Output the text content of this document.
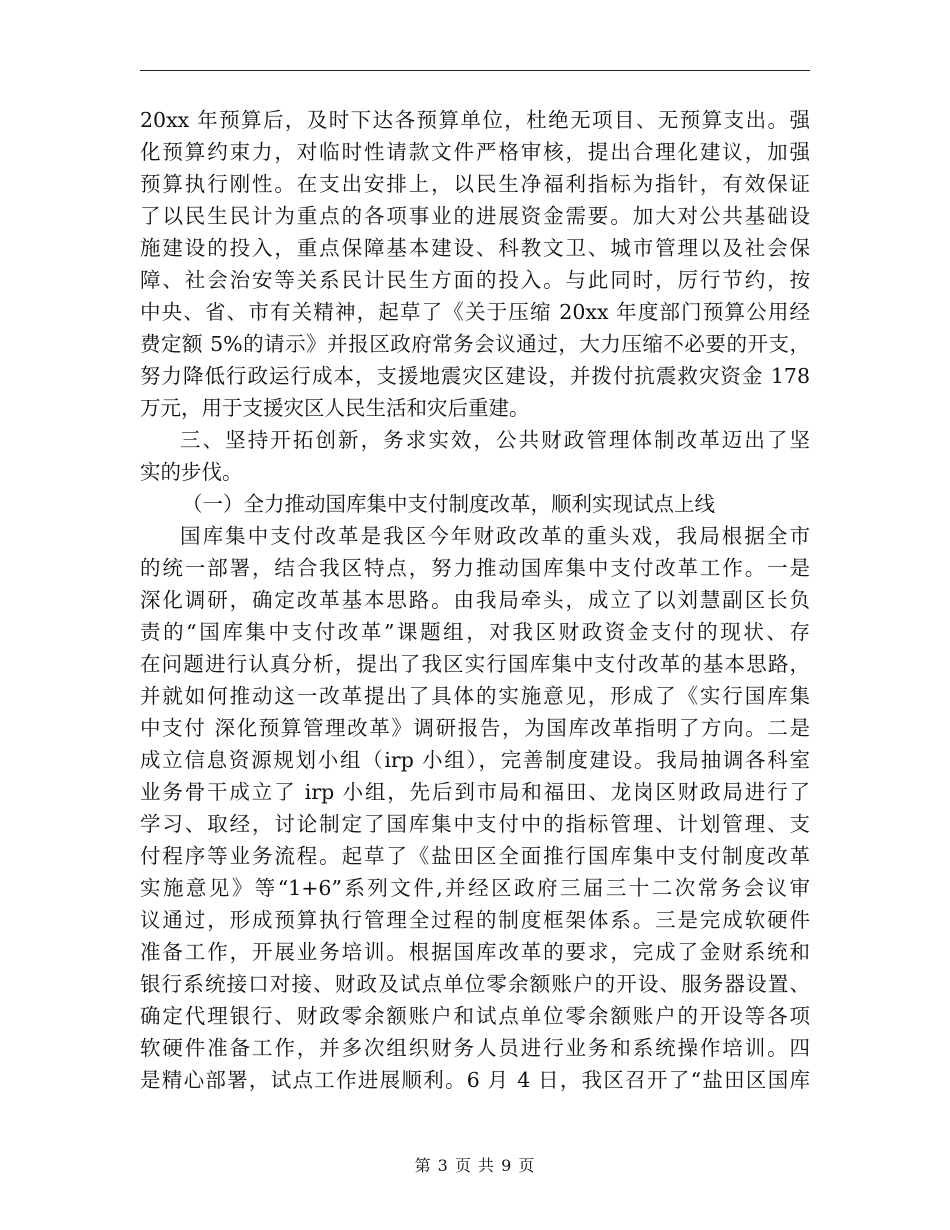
20xx 年预算后，及时下达各预算单位，杜绝无项目、无预算支出。强
化预算约束力，对临时性请款文件严格审核，提出合理化建议，加强
预算执行刚性。在支出安排上，以民生净福利指标为指针，有效保证
了以民生民计为重点的各项事业的进展资金需要。加大对公共基础设
施建设的投入，重点保障基本建设、科教文卫、城市管理以及社会保
障、社会治安等关系民计民生方面的投入。与此同时，厉行节约，按
中央、省、市有关精神，起草了《关于压缩 20xx 年度部门预算公用经
费定额 5%的请示》并报区政府常务会议通过，大力压缩不必要的开支，
努力降低行政运行成本，支援地震灾区建设，并拨付抗震救灾资金 178
万元，用于支援灾区人民生活和灾后重建。
三、坚持开拓创新，务求实效，公共财政管理体制改革迈出了坚
实的步伐。
（一）全力推动国库集中支付制度改革，顺利实现试点上线
国库集中支付改革是我区今年财政改革的重头戏，我局根据全市
的统一部署，结合我区特点，努力推动国库集中支付改革工作。一是
深化调研，确定改革基本思路。由我局牵头，成立了以刘慧副区长负
责的“国库集中支付改革”课题组，对我区财政资金支付的现状、存
在问题进行认真分析，提出了我区实行国库集中支付改革的基本思路，
并就如何推动这一改革提出了具体的实施意见，形成了《实行国库集
中支付 深化预算管理改革》调研报告，为国库改革指明了方向。二是
成立信息资源规划小组（irp 小组），完善制度建设。我局抽调各科室
业务骨干成立了 irp 小组，先后到市局和福田、龙岗区财政局进行了
学习、取经，讨论制定了国库集中支付中的指标管理、计划管理、支
付程序等业务流程。起草了《盐田区全面推行国库集中支付制度改革
实施意见》等“1+6”系列文件,并经区政府三届三十二次常务会议审
议通过，形成预算执行管理全过程的制度框架体系。三是完成软硬件
准备工作，开展业务培训。根据国库改革的要求，完成了金财系统和
银行系统接口对接、财政及试点单位零余额账户的开设、服务器设置、
确定代理银行、财政零余额账户和试点单位零余额账户的开设等各项
软硬件准备工作，并多次组织财务人员进行业务和系统操作培训。四
是精心部署，试点工作进展顺利。6 月 4 日，我区召开了“盐田区国库
第 3 页 共 9 页
